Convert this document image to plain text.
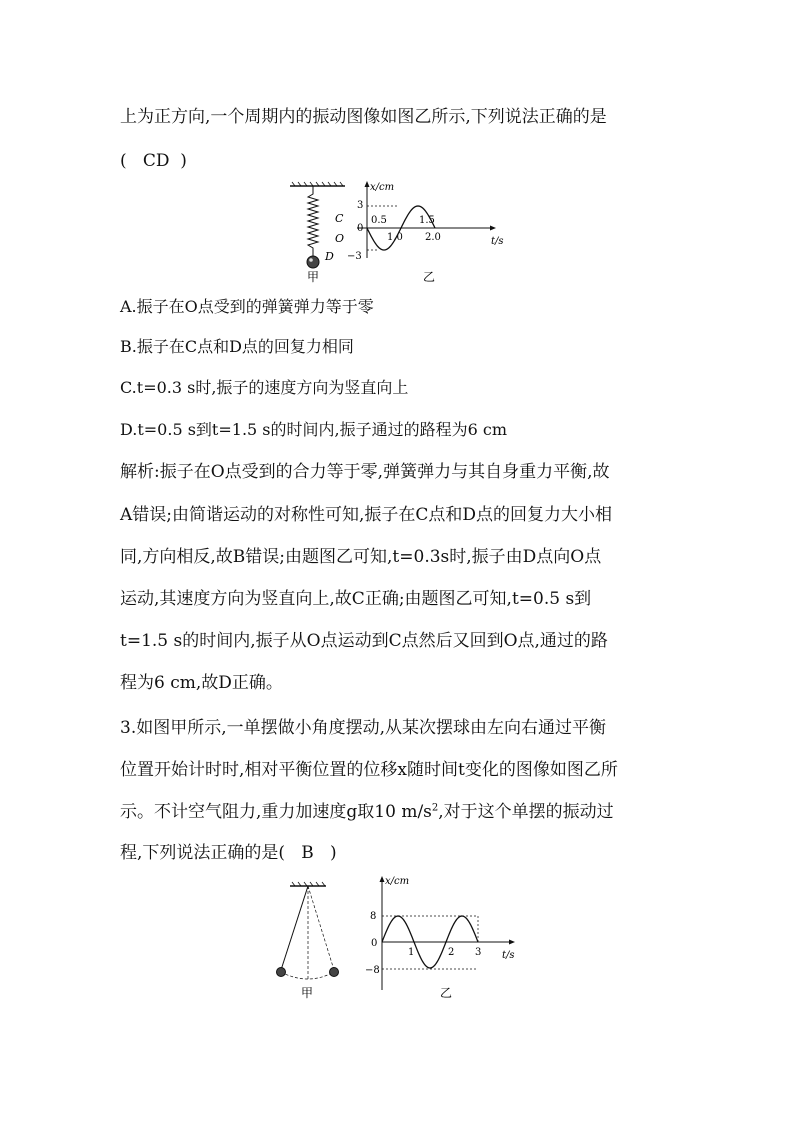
上为正方向,一个周期内的振动图像如图乙所示,下列说法正确的是
(   CD  )
C
O
D
甲
x/cm
t/s
3
0
−3
0.5	1.5
1.0 2.0
乙
A.振子在O点受到的弹簧弹力等于零
B.振子在C点和D点的回复力相同
C.t=0.3 s时,振子的速度方向为竖直向上
D.t=0.5 s到t=1.5 s的时间内,振子通过的路程为6 cm
解析:振子在O点受到的合力等于零,弹簧弹力与其自身重力平衡,故
A错误;由简谐运动的对称性可知,振子在C点和D点的回复力大小相
同,方向相反,故B错误;由题图乙可知,t=0.3s时,振子由D点向O点
运动,其速度方向为竖直向上,故C正确;由题图乙可知,t=0.5 s到
t=1.5 s的时间内,振子从O点运动到C点然后又回到O点,通过的路
程为6 cm,故D正确。
3.如图甲所示,一单摆做小角度摆动,从某次摆球由左向右通过平衡
位置开始计时时,相对平衡位置的位移x随时间t变化的图像如图乙所
示。不计空气阻力,重力加速度g取10 $m/s^2$,对于这个单摆的振动过
程,下列说法正确的是(   B   )
甲
x/cm
t/s
8
0
−8
1	2 3
乙
